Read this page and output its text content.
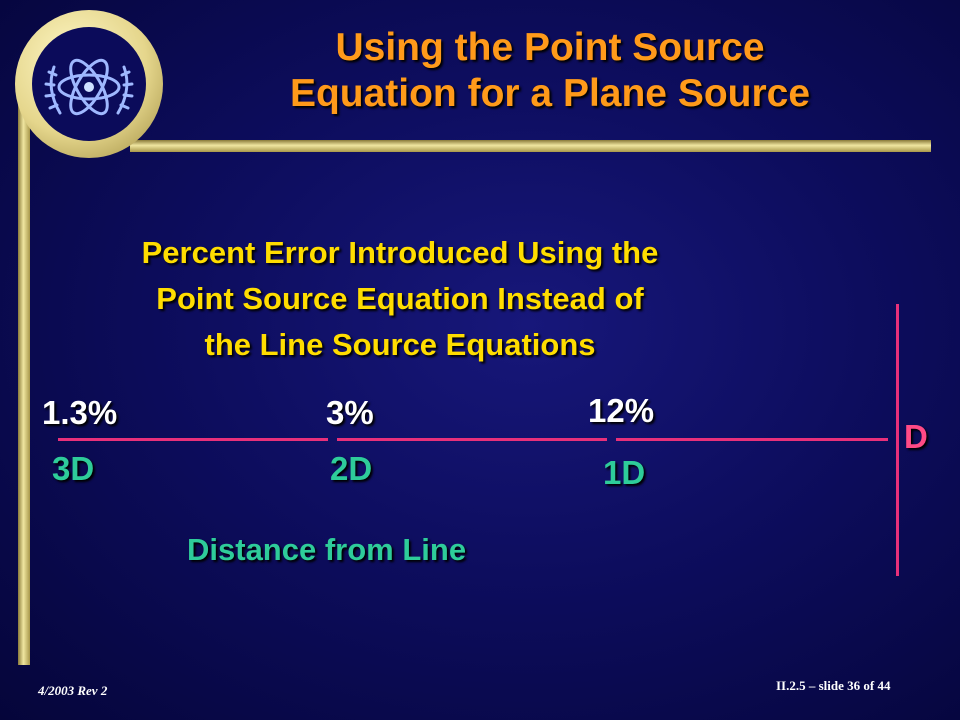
Using the Point Source
Equation for a Plane Source
Percent Error Introduced Using the
Point Source Equation Instead of
the Line Source Equations
1.3%	3%	12%
3D	2D	1D
D
Distance from Line
4/2003 Rev 2	II.2.5 – slide 36 of 44
